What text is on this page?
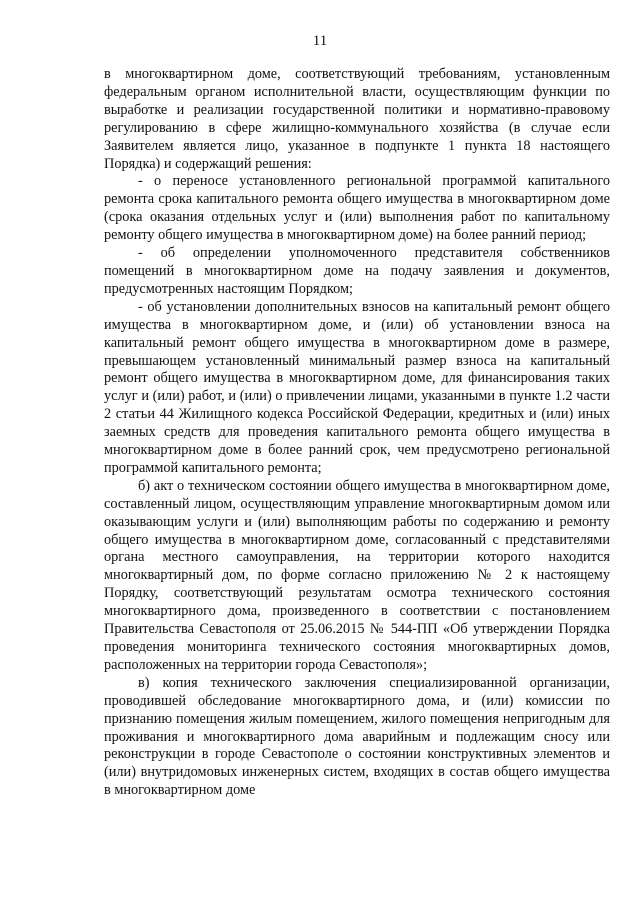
11

в многоквартирном доме, соответствующий требованиям, установленным федеральным органом исполнительной власти, осуществляющим функции по выработке и реализации государственной политики и нормативно-правовому регулированию в сфере жилищно-коммунального хозяйства (в случае если Заявителем является лицо, указанное в подпункте 1 пункта 18 настоящего Порядка) и содержащий решения:

- о переносе установленного региональной программой капитального ремонта срока капитального ремонта общего имущества в многоквартирном доме (срока оказания отдельных услуг и (или) выполнения работ по капитальному ремонту общего имущества в многоквартирном доме) на более ранний период;

- об определении уполномоченного представителя собственников помещений в многоквартирном доме на подачу заявления и документов, предусмотренных настоящим Порядком;

- об установлении дополнительных взносов на капитальный ремонт общего имущества в многоквартирном доме, и (или) об установлении взноса на капитальный ремонт общего имущества в многоквартирном доме в размере, превышающем установленный минимальный размер взноса на капитальный ремонт общего имущества в многоквартирном доме, для финансирования таких услуг и (или) работ, и (или) о привлечении лицами, указанными в пункте 1.2 части 2 статьи 44 Жилищного кодекса Российской Федерации, кредитных и (или) иных заемных средств для проведения капитального ремонта общего имущества в многоквартирном доме в более ранний срок, чем предусмотрено региональной программой капитального ремонта;

б) акт о техническом состоянии общего имущества в многоквартирном доме, составленный лицом, осуществляющим управление многоквартирным домом или оказывающим услуги и (или) выполняющим работы по содержанию и ремонту общего имущества в многоквартирном доме, согласованный с представителями органа местного самоуправления, на территории которого находится многоквартирный дом, по форме согласно приложению № 2 к настоящему Порядку, соответствующий результатам осмотра технического состояния многоквартирного дома, произведенного в соответствии с постановлением Правительства Севастополя от 25.06.2015 № 544-ПП «Об утверждении Порядка проведения мониторинга технического состояния многоквартирных домов, расположенных на территории города Севастополя»;

в) копия технического заключения специализированной организации, проводившей обследование многоквартирного дома, и (или) комиссии по признанию помещения жилым помещением, жилого помещения непригодным для проживания и многоквартирного дома аварийным и подлежащим сносу или реконструкции в городе Севастополе о состоянии конструктивных элементов и (или) внутридомовых инженерных систем, входящих в состав общего имущества в многоквартирном доме
